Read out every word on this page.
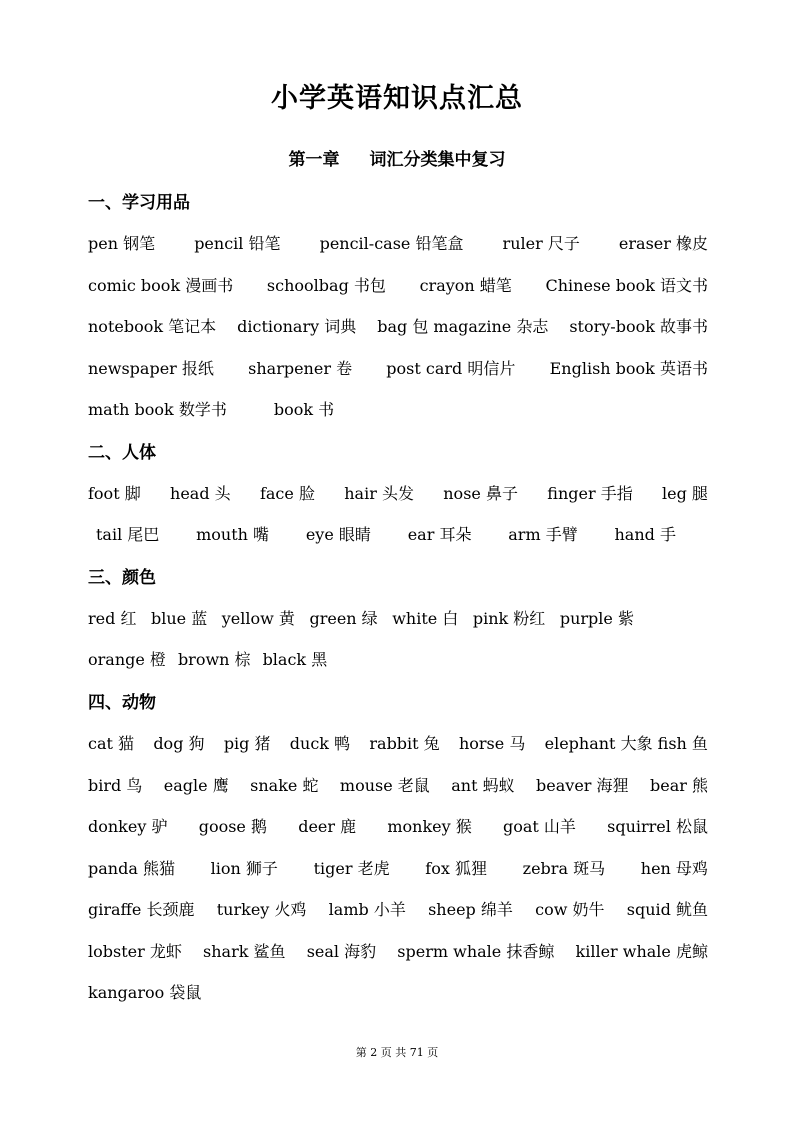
小学英语知识点汇总
第一章 词汇分类集中复习
一、学习用品
pen 钢笔 pencil 铅笔 pencil-case 铅笔盒 ruler 尺子 eraser 橡皮
comic book 漫画书 schoolbag 书包 crayon 蜡笔 Chinese book 语文书
notebook 笔记本 dictionary 词典 bag 包 magazine 杂志 story-book 故事书
newspaper 报纸 sharpener 卷 post card 明信片 English book 英语书
math book 数学书	book 书
二、人体
foot 脚 head 头 face 脸 hair 头发 nose 鼻子 finger 手指 leg 腿
tail 尾巴 mouth 嘴 eye 眼睛 ear 耳朵 arm 手臂 hand 手
三、颜色
red 红 blue 蓝 yellow 黄 green 绿 white 白 pink 粉红 purple 紫
orange 橙 brown 棕 black 黑
四、动物
cat 猫 dog 狗 pig 猪 duck 鸭 rabbit 兔 horse 马 elephant 大象 fish 鱼
bird 鸟 eagle 鹰 snake 蛇 mouse 老鼠 ant 蚂蚁 beaver 海狸 bear 熊
donkey 驴 goose 鹅 deer 鹿 monkey 猴 goat 山羊 squirrel 松鼠
panda 熊猫 lion 狮子 tiger 老虎 fox 狐狸 zebra 斑马 hen 母鸡
giraffe 长颈鹿 turkey 火鸡 lamb 小羊 sheep 绵羊 cow 奶牛 squid 鱿鱼
lobster 龙虾 shark 鲨鱼 seal 海豹 sperm whale 抹香鲸 killer whale 虎鲸
kangaroo 袋鼠
第 2 页 共 71 页
